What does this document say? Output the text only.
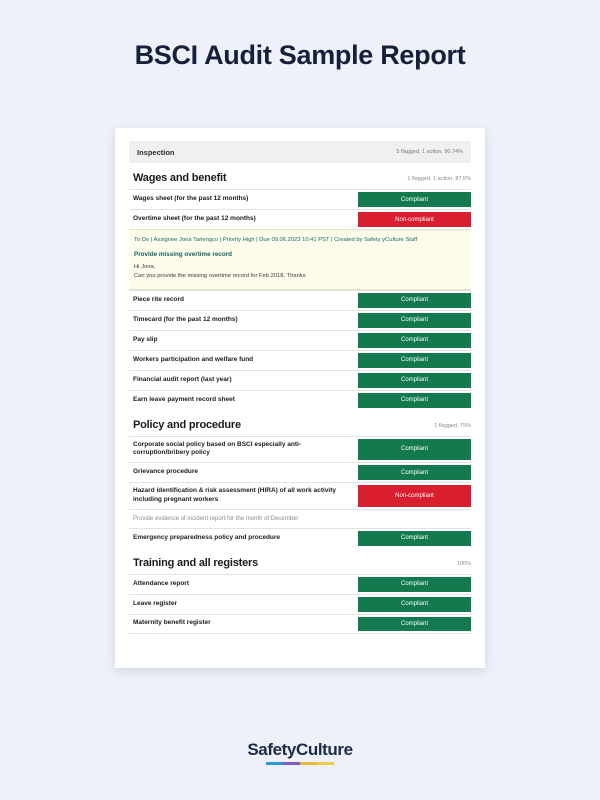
BSCI Audit Sample Report
Inspection	5 flagged, 1 action, 90.74%
Wages and benefit	1 flagged, 1 action, 87.5%
Wages sheet (for the past 12 months)	Compliant
Overtime sheet (for the past 12 months)	Non-compliant
To Do | Assignee Jona Tarlengco | Priority High | Due 09.06.2023 10:41 PST | Created by Safety yCulture Staff
Provide missing overtime record
Hi Jona,
Can you provide the missing overtime record for Feb 2018. Thanks
Piece rite record	Compliant
Timecard (for the past 12 months)	Compliant
Pay slip	Compliant
Workers participation and welfare fund	Compliant
Financial audit report (last year)	Compliant
Earn leave payment record sheet	Compliant
Policy and procedure	1 flagged, 75%
Corporate social policy based on BSCI especially anti-corruption/bribery policy	Compliant
Grievance procedure	Compliant
Hazard identification & risk assessment (HIRA) of all work activity including pregnant workers	Non-compliant
Provide evidence of incident report for the month of December
Emergency preparedness policy and procedure	Compliant
Training and all registers	100%
Attendance report	Compliant
Leave register	Compliant
Maternity benefit register	Compliant
SafetyCulture
